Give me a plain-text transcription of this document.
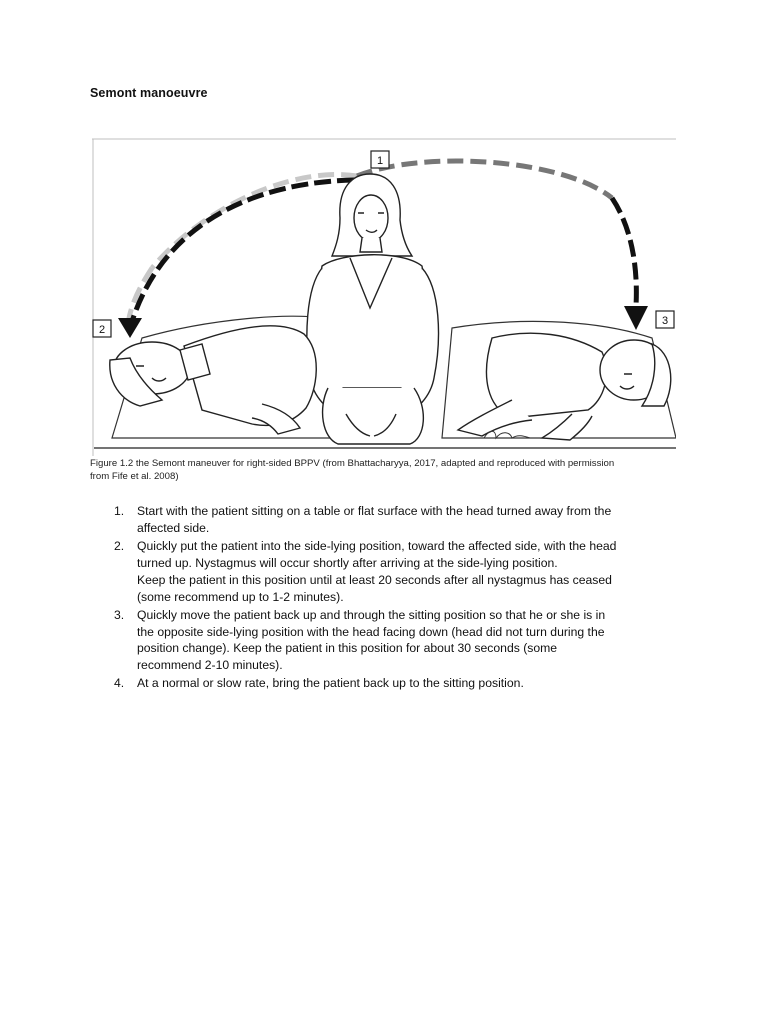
Semont manoeuvre
1
2
3
Figure 1.2 the Semont maneuver for right-sided BPPV (from Bhattacharyya, 2017, adapted and reproduced with permission
from Fife et al. 2008)
1. Start with the patient sitting on a table or flat surface with the head turned away from the affected side.
2. Quickly put the patient into the side-lying position, toward the affected side, with the head turned up. Nystagmus will occur shortly after arriving at the side-lying position.
Keep the patient in this position until at least 20 seconds after all nystagmus has ceased (some recommend up to 1-2 minutes).
3. Quickly move the patient back up and through the sitting position so that he or she is in the opposite side-lying position with the head facing down (head did not turn during the position change). Keep the patient in this position for about 30 seconds (some recommend 2-10 minutes).
4. At a normal or slow rate, bring the patient back up to the sitting position.
